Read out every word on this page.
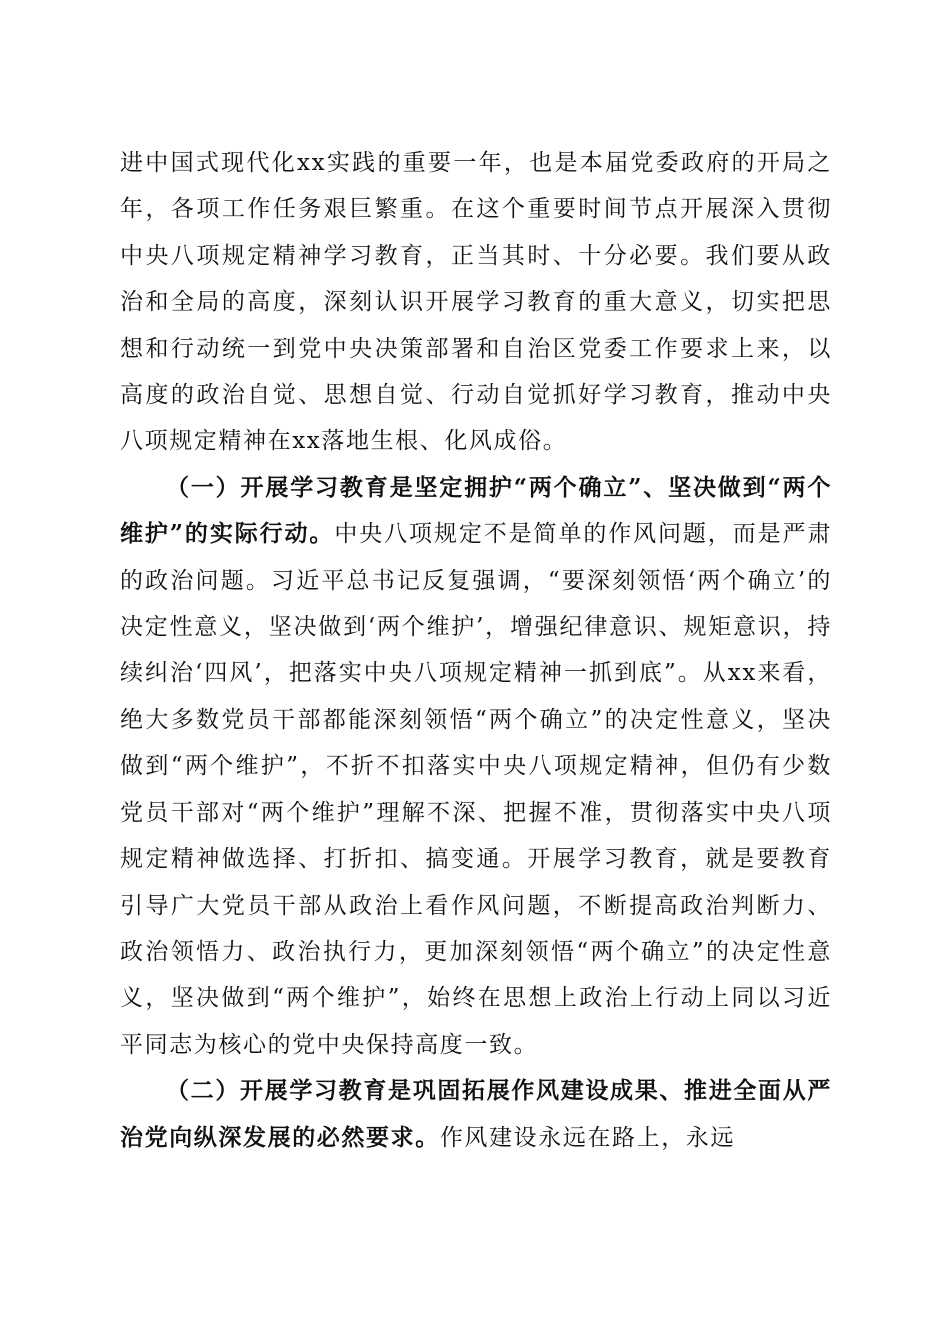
进中国式现代化xx实践的重要一年，也是本届党委政府的开局之年，各项工作任务艰巨繁重。在这个重要时间节点开展深入贯彻中央八项规定精神学习教育，正当其时、十分必要。我们要从政治和全局的高度，深刻认识开展学习教育的重大意义，切实把思想和行动统一到党中央决策部署和自治区党委工作要求上来，以高度的政治自觉、思想自觉、行动自觉抓好学习教育，推动中央八项规定精神在xx落地生根、化风成俗。

（一）开展学习教育是坚定拥护“两个确立”、坚决做到“两个维护”的实际行动。中央八项规定不是简单的作风问题，而是严肃的政治问题。习近平总书记反复强调，“要深刻领悟‘两个确立’的决定性意义，坚决做到‘两个维护’，增强纪律意识、规矩意识，持续纠治‘四风’，把落实中央八项规定精神一抓到底”。从xx来看，绝大多数党员干部都能深刻领悟“两个确立”的决定性意义，坚决做到“两个维护”，不折不扣落实中央八项规定精神，但仍有少数党员干部对“两个维护”理解不深、把握不准，贯彻落实中央八项规定精神做选择、打折扣、搞变通。开展学习教育，就是要教育引导广大党员干部从政治上看作风问题，不断提高政治判断力、政治领悟力、政治执行力，更加深刻领悟“两个确立”的决定性意义，坚决做到“两个维护”，始终在思想上政治上行动上同以习近平同志为核心的党中央保持高度一致。

（二）开展学习教育是巩固拓展作风建设成果、推进全面从严治党向纵深发展的必然要求。作风建设永远在路上，永远
